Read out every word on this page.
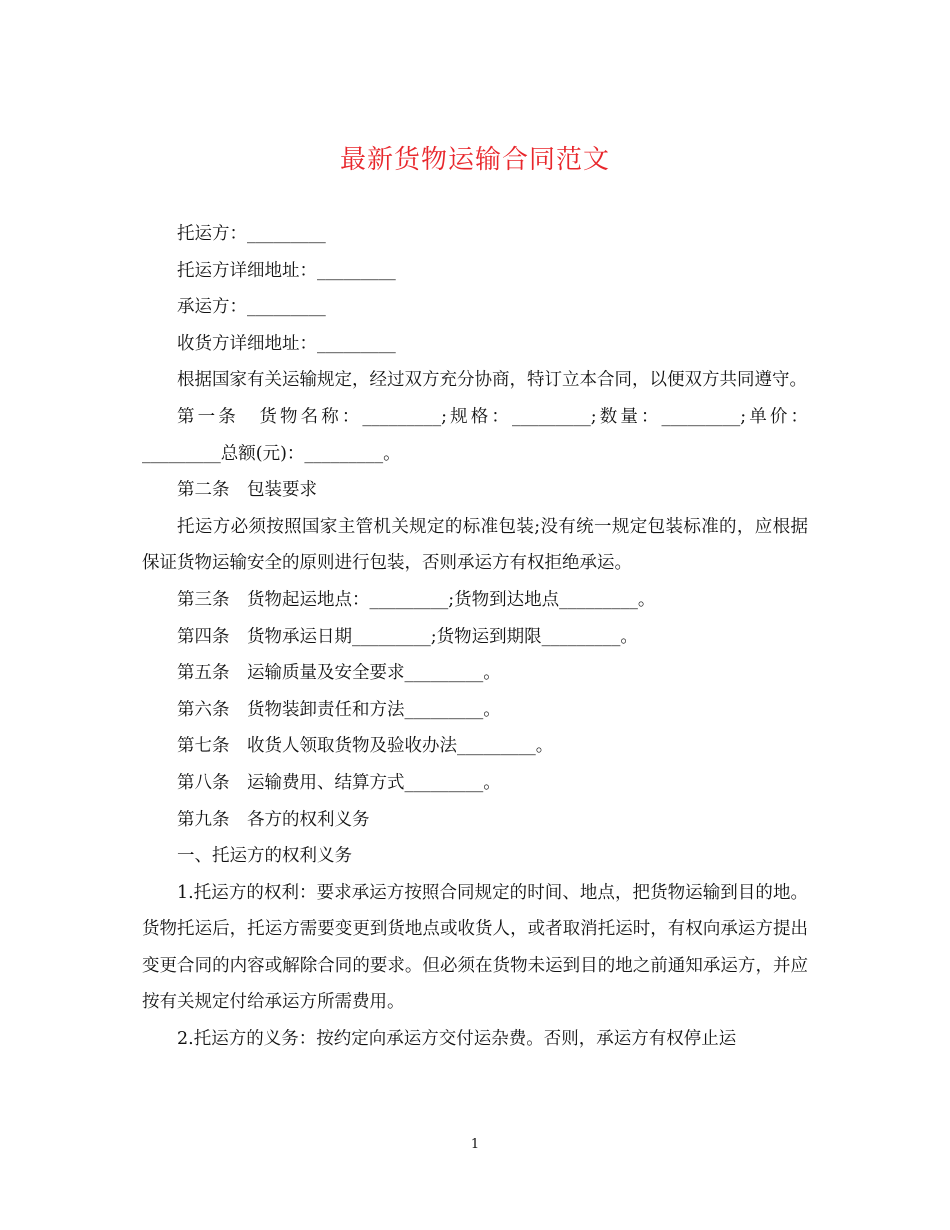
最新货物运输合同范文

托运方：_________

托运方详细地址：_________

承运方：_________

收货方详细地址：_________

根据国家有关运输规定，经过双方充分协商，特订立本合同，以便双方共同遵守。

第一条　货物名称：_________;规格：_________;数量：_________;单价：_________总额(元)：_________。

第二条　包装要求

托运方必须按照国家主管机关规定的标准包装;没有统一规定包装标准的，应根据保证货物运输安全的原则进行包装，否则承运方有权拒绝承运。

第三条　货物起运地点：_________;货物到达地点_________。

第四条　货物承运日期_________;货物运到期限_________。

第五条　运输质量及安全要求_________。

第六条　货物装卸责任和方法_________。

第七条　收货人领取货物及验收办法_________。

第八条　运输费用、结算方式_________。

第九条　各方的权利义务

一、托运方的权利义务

1.托运方的权利：要求承运方按照合同规定的时间、地点，把货物运输到目的地。货物托运后，托运方需要变更到货地点或收货人，或者取消托运时，有权向承运方提出变更合同的内容或解除合同的要求。但必须在货物未运到目的地之前通知承运方，并应按有关规定付给承运方所需费用。

2.托运方的义务：按约定向承运方交付运杂费。否则，承运方有权停止运

1
